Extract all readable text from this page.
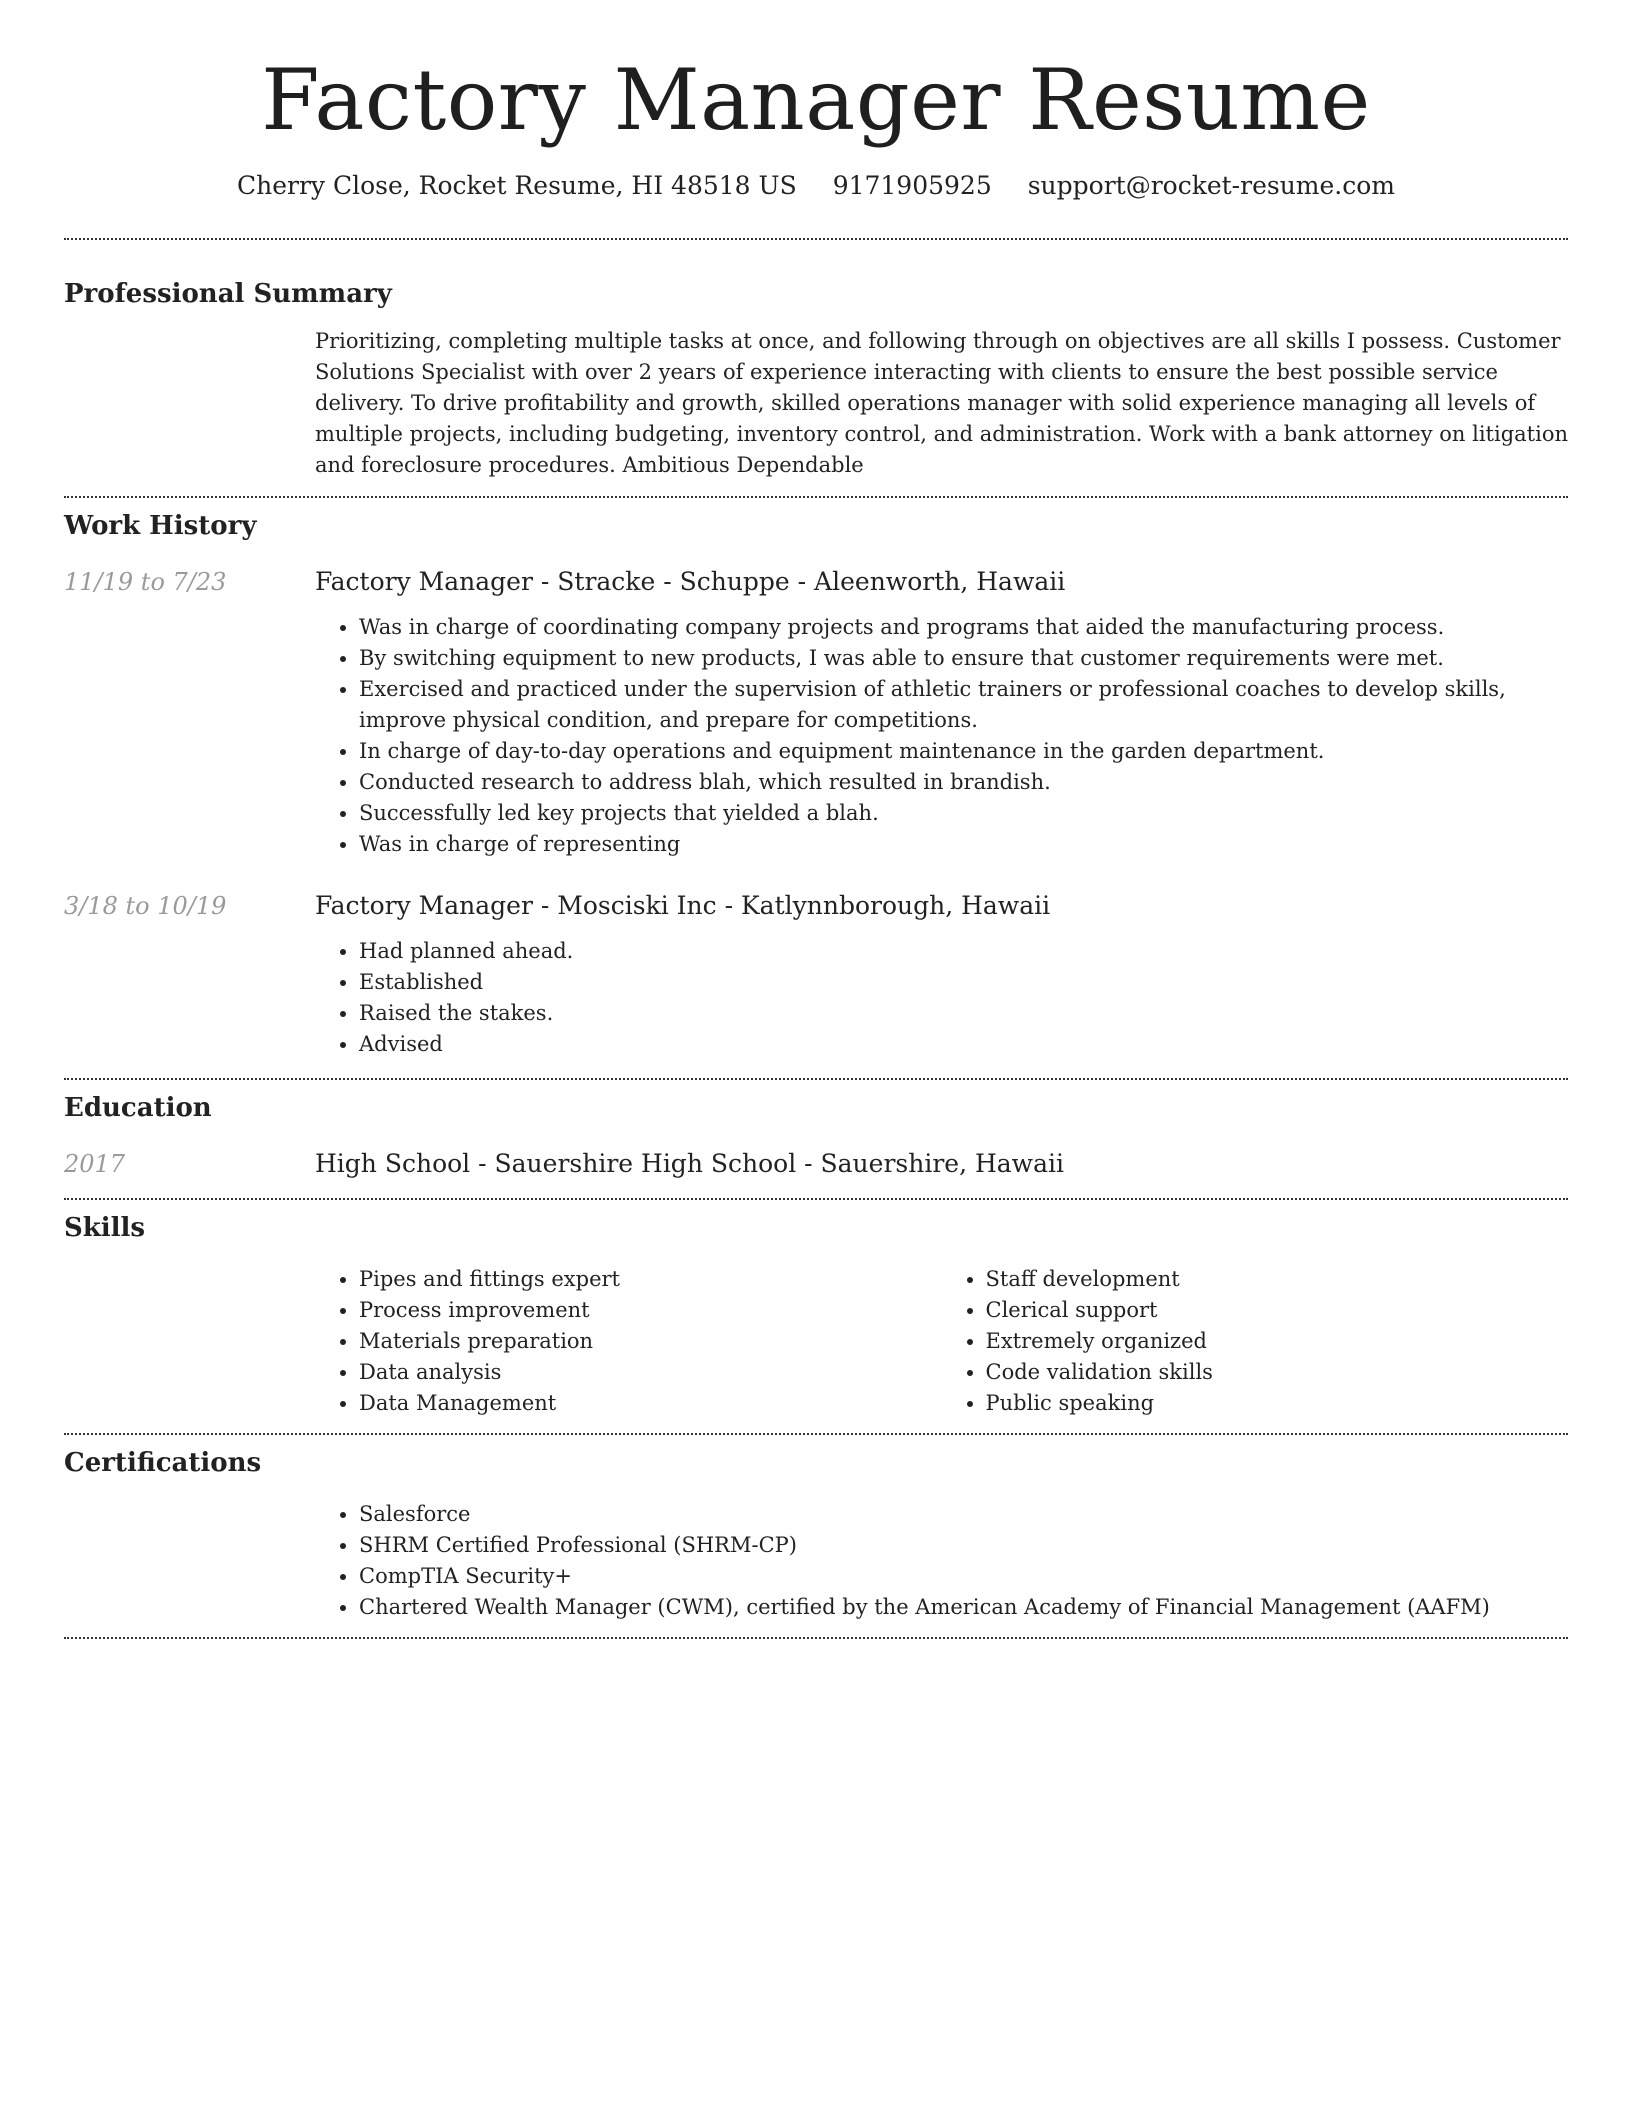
Factory Manager Resume
Cherry Close, Rocket Resume, HI 48518 US 9171905925 support@rocket-resume.com
Professional Summary

Prioritizing, completing multiple tasks at once, and following through on objectives are all skills I possess. Customer Solutions Specialist with over 2 years of experience interacting with clients to ensure the best possible service delivery. To drive profitability and growth, skilled operations manager with solid experience managing all levels of multiple projects, including budgeting, inventory control, and administration. Work with a bank attorney on litigation and foreclosure procedures. Ambitious Dependable

Work History
11/19 to 7/23	Factory Manager - Stracke - Schuppe - Aleenworth, Hawaii
• Was in charge of coordinating company projects and programs that aided the manufacturing process.
• By switching equipment to new products, I was able to ensure that customer requirements were met.
• Exercised and practiced under the supervision of athletic trainers or professional coaches to develop skills, improve physical condition, and prepare for competitions.
• In charge of day-to-day operations and equipment maintenance in the garden department.
• Conducted research to address blah, which resulted in brandish.
• Successfully led key projects that yielded a blah.
• Was in charge of representing
3/18 to 10/19	Factory Manager - Mosciski Inc - Katlynnborough, Hawaii
• Had planned ahead.
• Established
• Raised the stakes.
• Advised
Education
2017	High School - Sauershire High School - Sauershire, Hawaii
Skills
• Pipes and fittings expert
• Process improvement
• Materials preparation
• Data analysis
• Data Management
• Staff development
• Clerical support
• Extremely organized
• Code validation skills
• Public speaking
Certifications
• Salesforce
• SHRM Certified Professional (SHRM-CP)
• CompTIA Security+
• Chartered Wealth Manager (CWM), certified by the American Academy of Financial Management (AAFM)
